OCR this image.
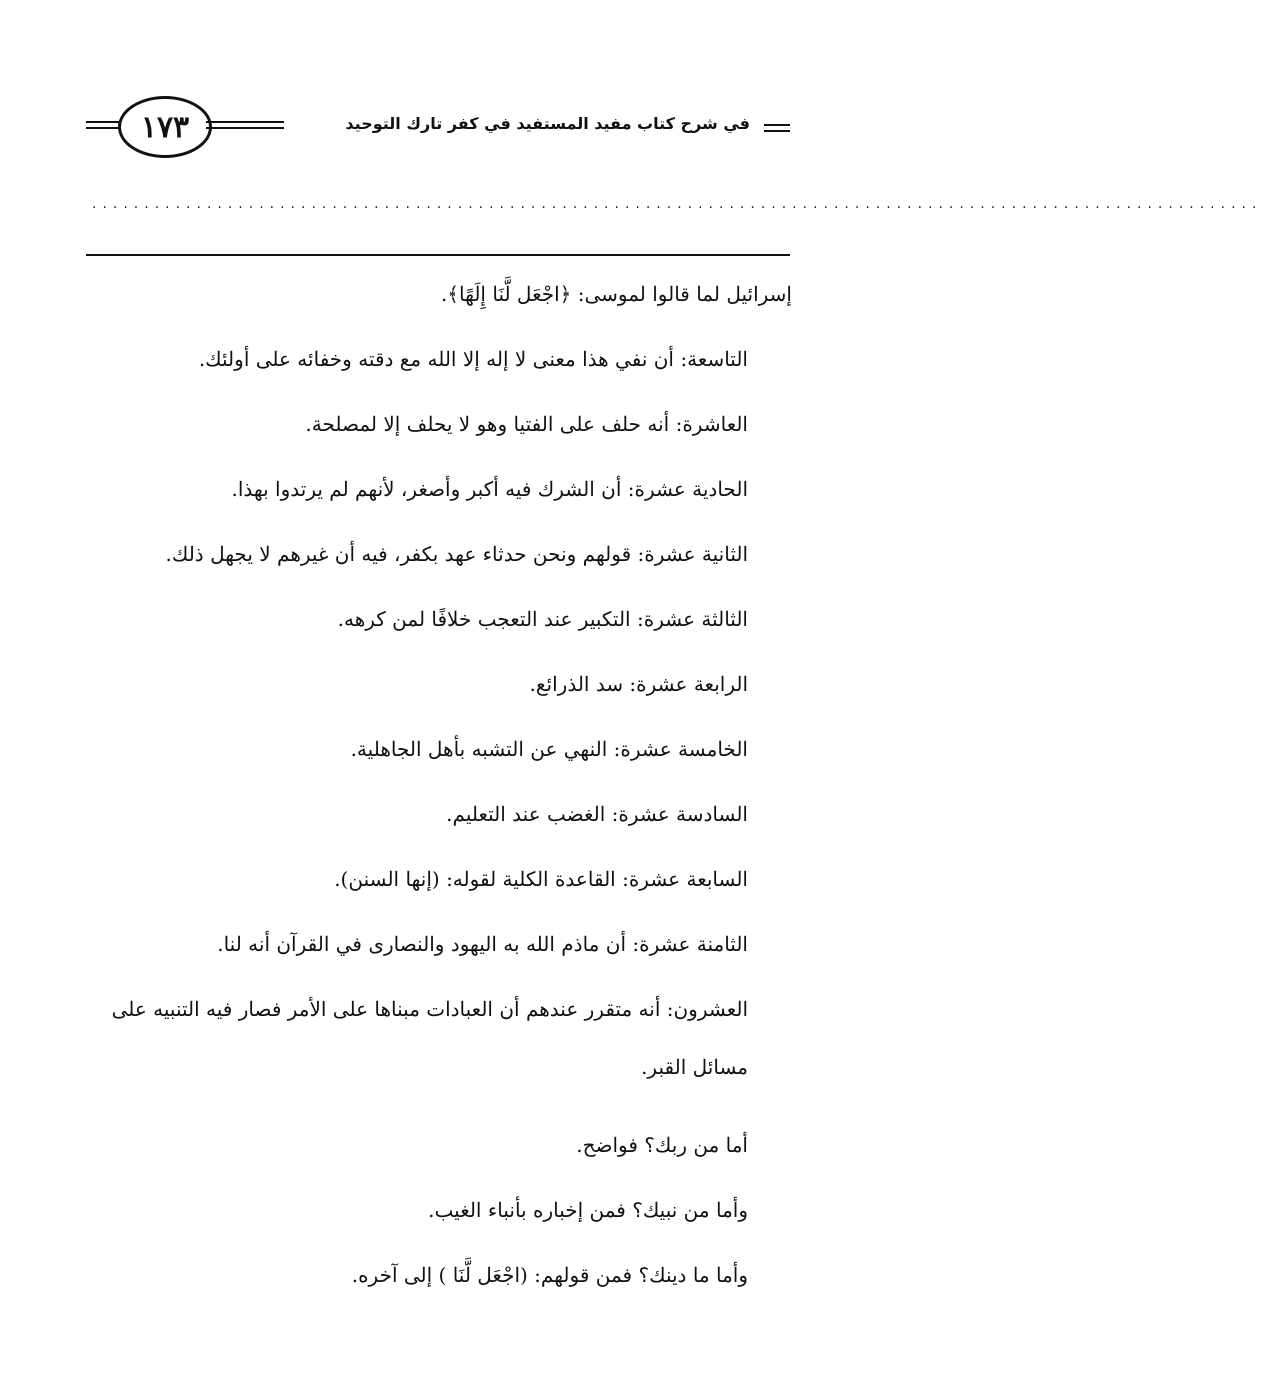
١٧٣	في شرح كتاب مفيد المستفيد في كفر تارك التوحيد
................................................................................................................

إسرائيل لما قالوا لموسى: ﴿اجْعَل لَّنَا إِلَهًا﴾.

التاسعة: أن نفي هذا معنى لا إله إلا الله مع دقته وخفائه على أولئك.

العاشرة: أنه حلف على الفتيا وهو لا يحلف إلا لمصلحة.

الحادية عشرة: أن الشرك فيه أكبر وأصغر، لأنهم لم يرتدوا بهذا.

الثانية عشرة: قولهم ونحن حدثاء عهد بكفر، فيه أن غيرهم لا يجهل ذلك.

الثالثة عشرة: التكبير عند التعجب خلافًا لمن كرهه.

الرابعة عشرة: سد الذرائع.

الخامسة عشرة: النهي عن التشبه بأهل الجاهلية.

السادسة عشرة: الغضب عند التعليم.

السابعة عشرة: القاعدة الكلية لقوله: (إنها السنن).

الثامنة عشرة: أن ماذم الله به اليهود والنصارى في القرآن أنه لنا.

العشرون: أنه متقرر عندهم أن العبادات مبناها على الأمر فصار فيه التنبيه على مسائل القبر.

أما من ربك؟ فواضح.

وأما من نبيك؟ فمن إخباره بأنباء الغيب.

وأما ما دينك؟ فمن قولهم: (اجْعَل لَّنَا ) إلى آخره.
